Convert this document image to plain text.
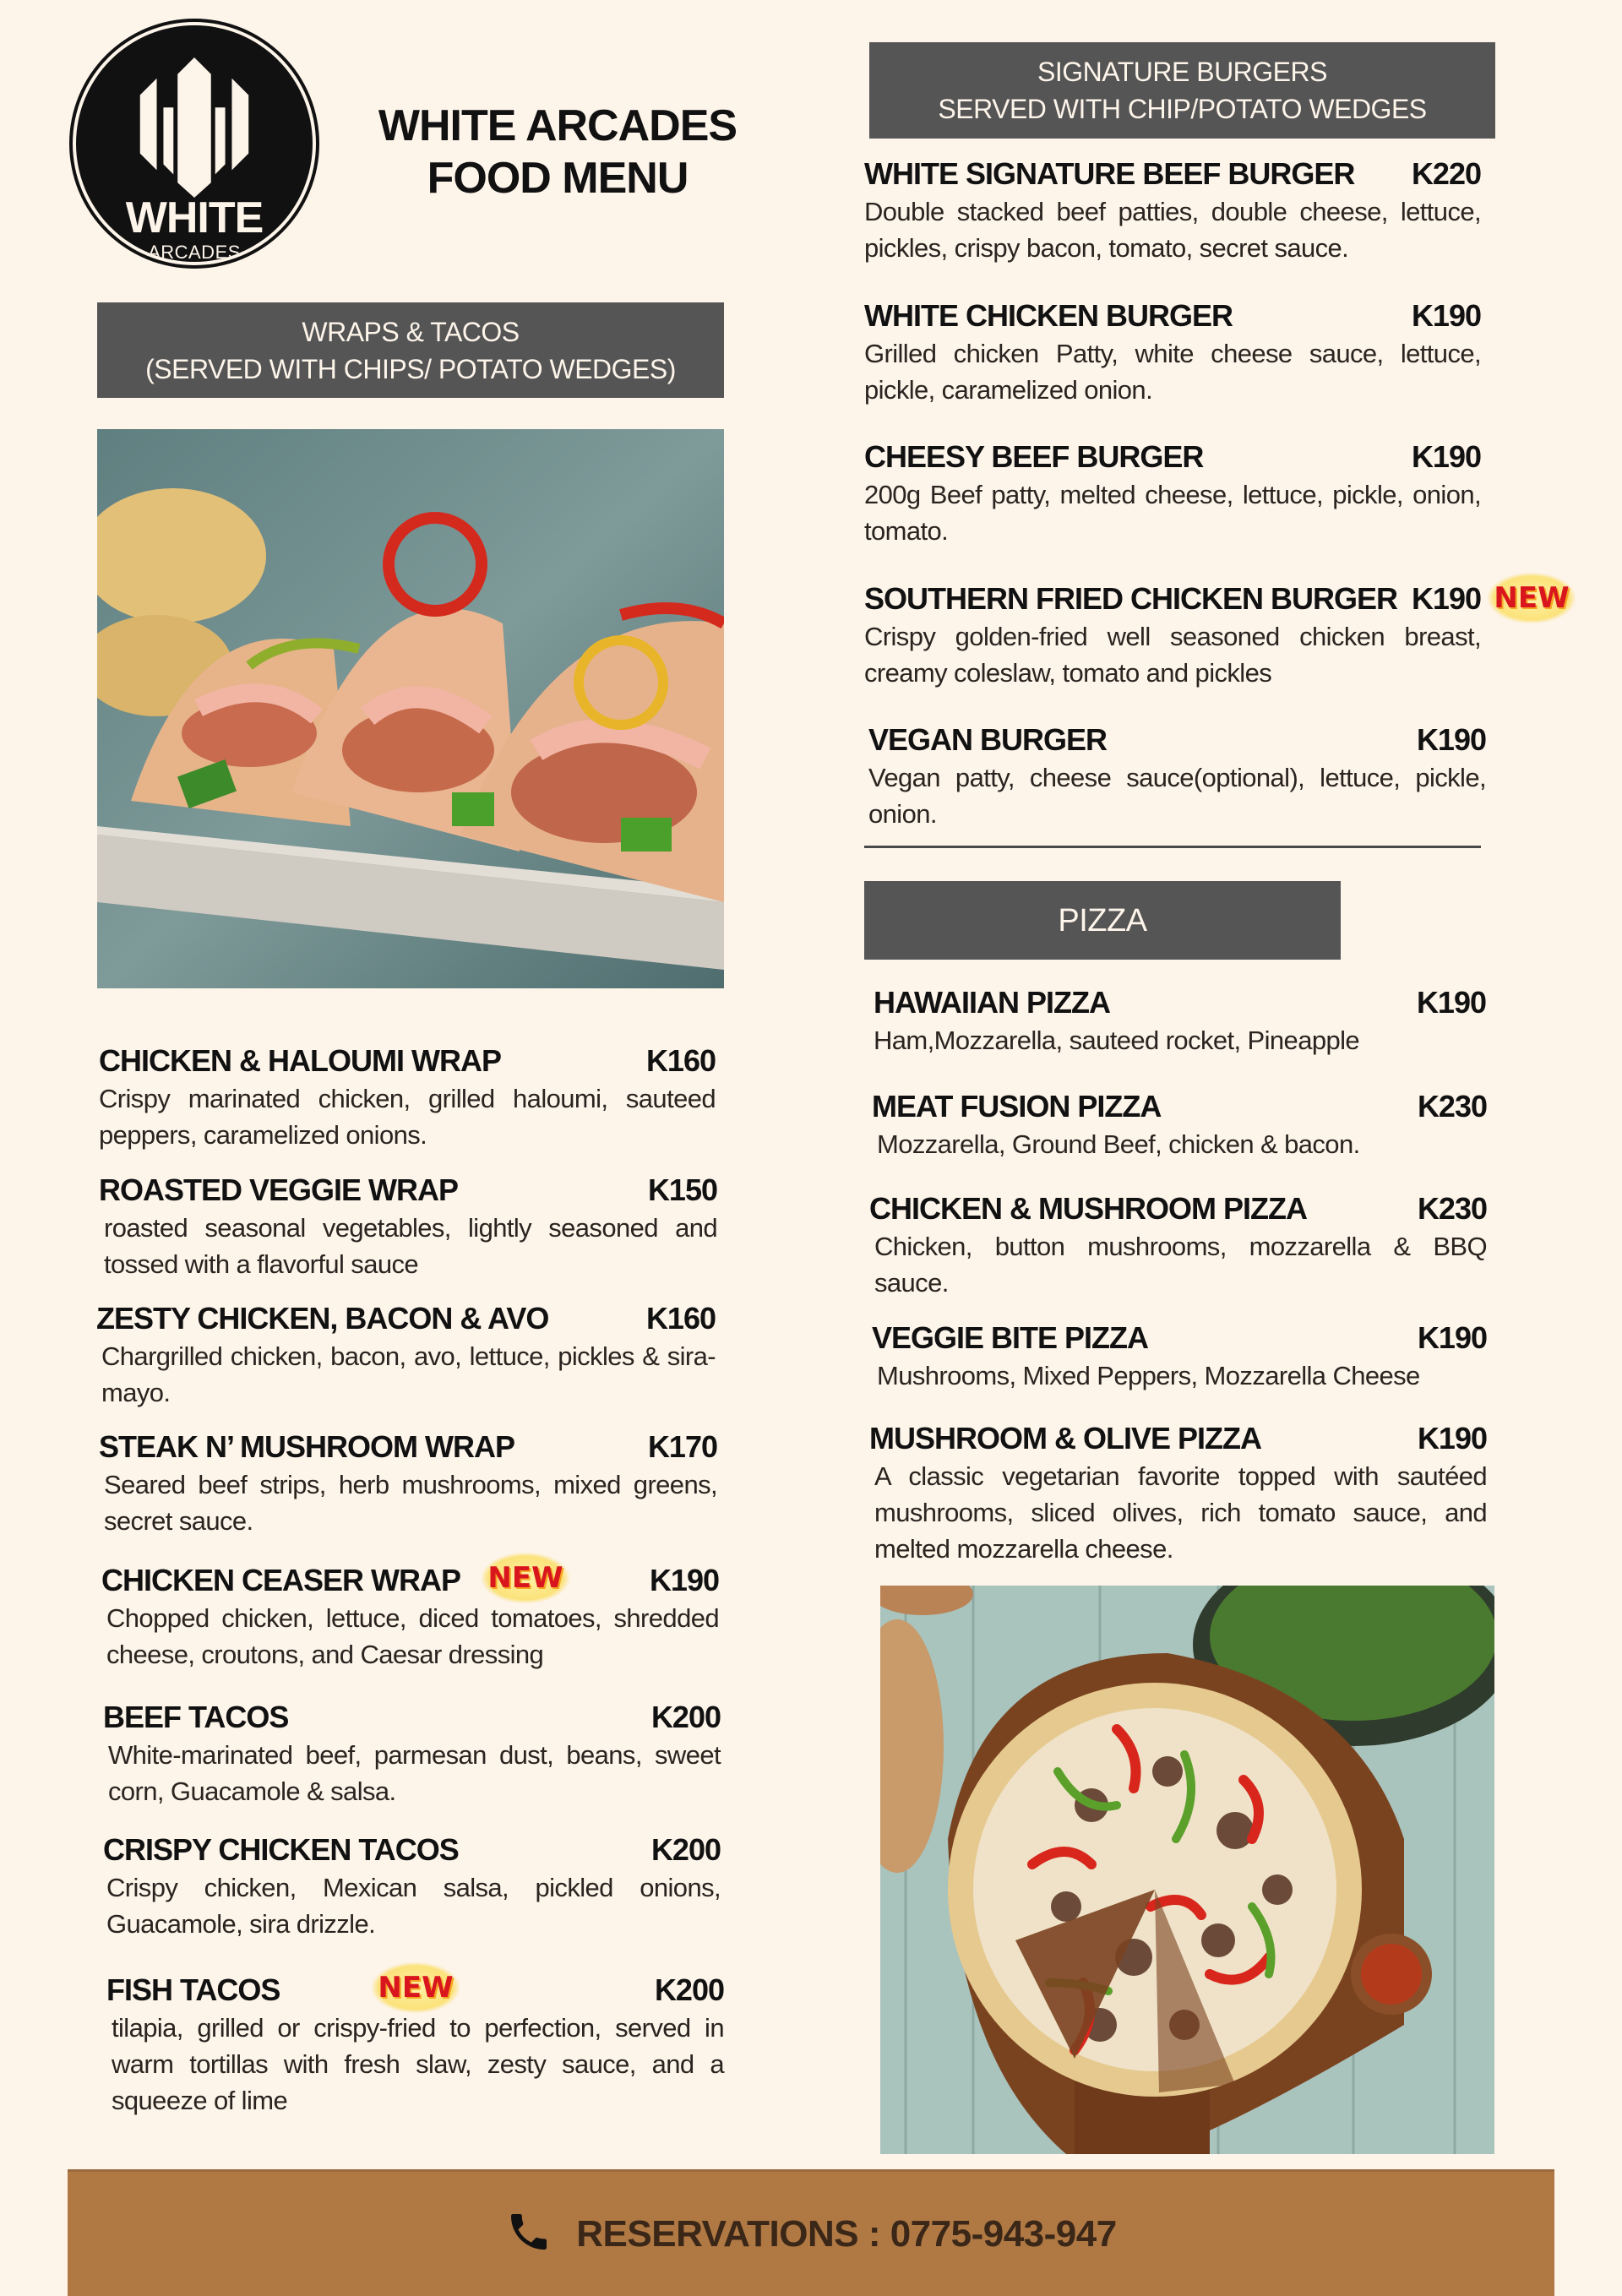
WHITE
ARCADES
WHITE ARCADES
FOOD MENU
WRAPS & TACOS
(SERVED WITH CHIPS/ POTATO WEDGES)
CHICKEN & HALOUMI WRAP	K160
Crispy marinated chicken, grilled haloumi, sauteed peppers, caramelized onions.
ROASTED VEGGIE WRAP	K150
roasted seasonal vegetables, lightly seasoned and tossed with a flavorful sauce
ZESTY CHICKEN, BACON & AVO	K160
Chargrilled chicken, bacon, avo, lettuce, pickles & sira-mayo.
STEAK N’ MUSHROOM WRAP	K170
Seared beef strips, herb mushrooms, mixed greens, secret sauce.
CHICKEN CEASER WRAP NEW	K190
Chopped chicken, lettuce, diced tomatoes, shredded cheese, croutons, and Caesar dressing
BEEF TACOS	K200
White-marinated beef, parmesan dust, beans, sweet corn, Guacamole & salsa.
CRISPY CHICKEN TACOS	K200
Crispy chicken, Mexican salsa, pickled onions, Guacamole, sira drizzle.
FISH TACOS	NEW	K200
tilapia, grilled or crispy-fried to perfection, served in warm tortillas with fresh slaw, zesty sauce, and a squeeze of lime
SIGNATURE BURGERS
SERVED WITH CHIP/POTATO WEDGES
WHITE SIGNATURE BEEF BURGER K220
Double stacked beef patties, double cheese, lettuce, pickles, crispy bacon, tomato, secret sauce.
WHITE CHICKEN BURGER	K190
Grilled chicken Patty, white cheese sauce, lettuce, pickle, caramelized onion.
CHEESY BEEF BURGER	K190
200g Beef patty, melted cheese, lettuce, pickle, onion, tomato.
SOUTHERN FRIED CHICKEN BURGER K190 NEW
Crispy golden-fried well seasoned chicken breast, creamy coleslaw, tomato and pickles
VEGAN BURGER	K190
Vegan patty, cheese sauce(optional), lettuce, pickle, onion.
PIZZA
HAWAIIAN PIZZA	K190
Ham,Mozzarella, sauteed rocket, Pineapple
MEAT FUSION PIZZA	K230
Mozzarella, Ground Beef, chicken & bacon.
CHICKEN & MUSHROOM PIZZA	K230
Chicken, button mushrooms, mozzarella & BBQ sauce.
VEGGIE BITE PIZZA	K190
Mushrooms, Mixed Peppers, Mozzarella Cheese
MUSHROOM & OLIVE PIZZA	K190
A classic vegetarian favorite topped with sautéed mushrooms, sliced olives, rich tomato sauce, and melted mozzarella cheese.
RESERVATIONS : 0775-943-947
